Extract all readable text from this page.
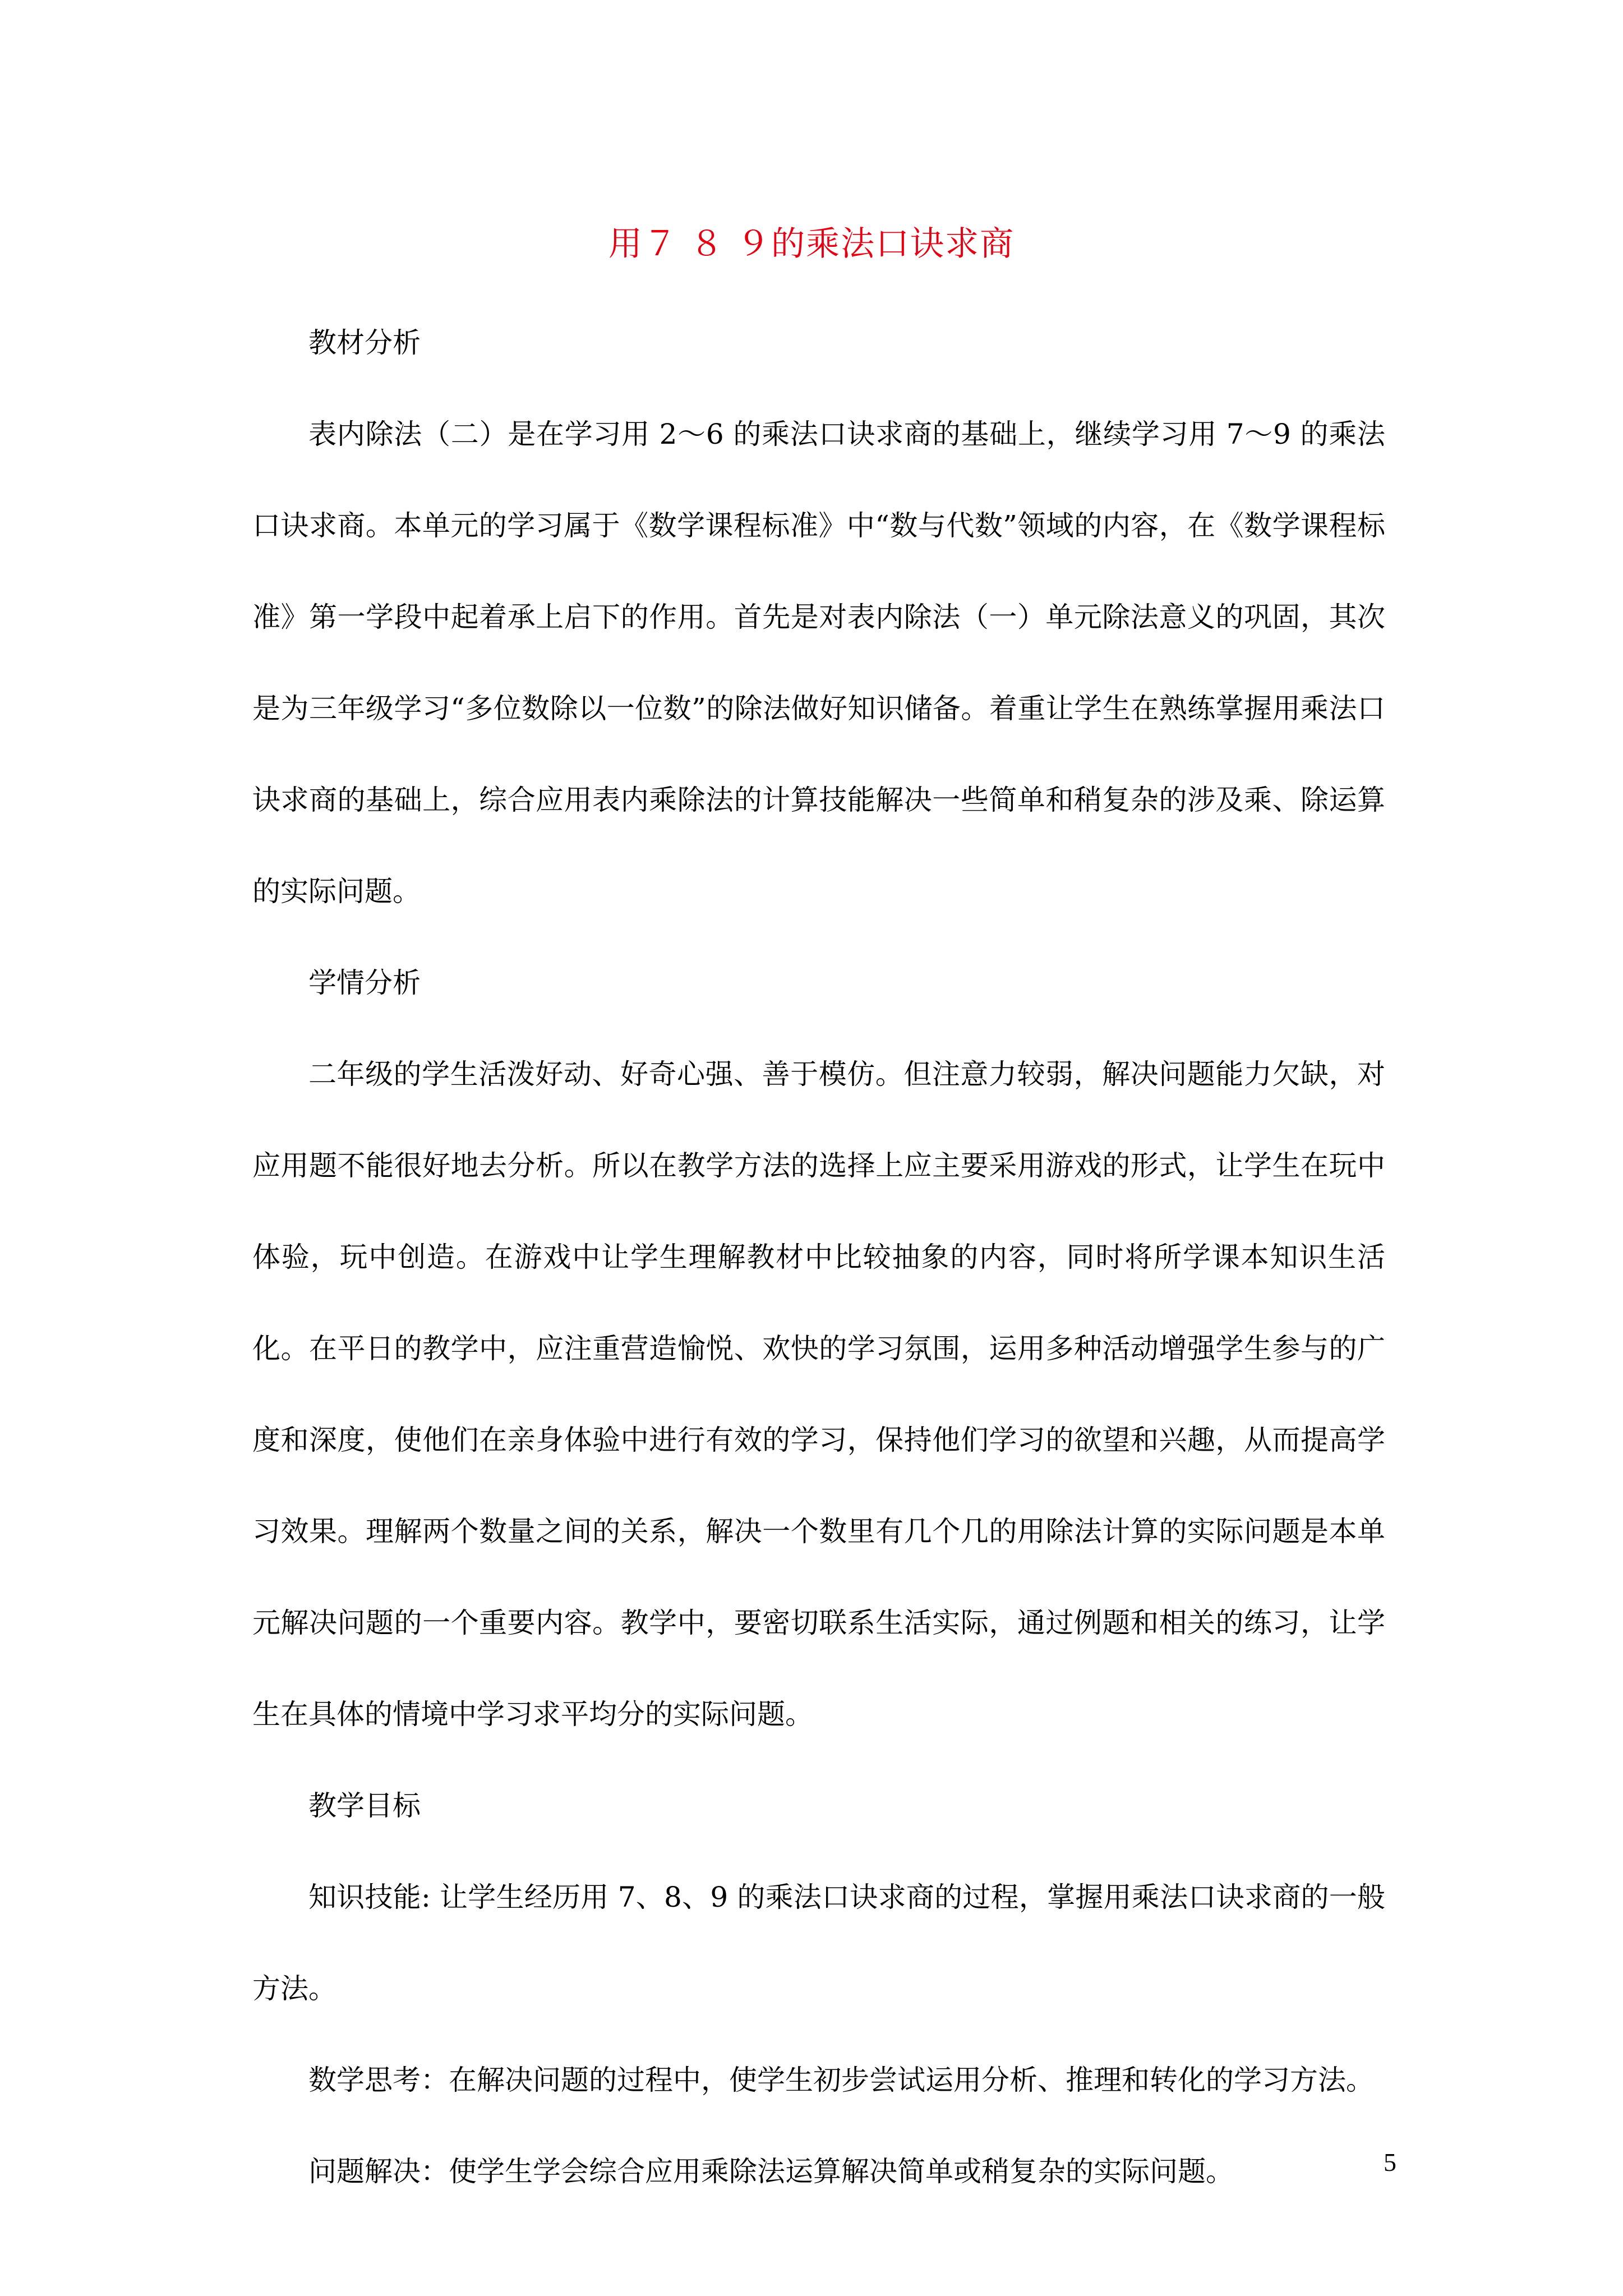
用７ ８ ９的乘法口诀求商

教材分析

表内除法（二）是在学习用 2～6 的乘法口诀求商的基础上，继续学习用 7～9 的乘法口诀求商。本单元的学习属于《数学课程标准》中“数与代数”领域的内容，在《数学课程标准》第一学段中起着承上启下的作用。首先是对表内除法（一）单元除法意义的巩固，其次是为三年级学习“多位数除以一位数”的除法做好知识储备。着重让学生在熟练掌握用乘法口诀求商的基础上，综合应用表内乘除法的计算技能解决一些简单和稍复杂的涉及乘、除运算的实际问题。

学情分析

二年级的学生活泼好动、好奇心强、善于模仿。但注意力较弱，解决问题能力欠缺，对应用题不能很好地去分析。所以在教学方法的选择上应主要采用游戏的形式，让学生在玩中体验，玩中创造。在游戏中让学生理解教材中比较抽象的内容，同时将所学课本知识生活化。在平日的教学中，应注重营造愉悦、欢快的学习氛围，运用多种活动增强学生参与的广度和深度，使他们在亲身体验中进行有效的学习，保持他们学习的欲望和兴趣，从而提高学习效果。理解两个数量之间的关系，解决一个数里有几个几的用除法计算的实际问题是本单元解决问题的一个重要内容。教学中，要密切联系生活实际，通过例题和相关的练习，让学生在具体的情境中学习求平均分的实际问题。

教学目标

知识技能: 让学生经历用 7、8、9 的乘法口诀求商的过程，掌握用乘法口诀求商的一般方法。

数学思考：在解决问题的过程中，使学生初步尝试运用分析、推理和转化的学习方法。

问题解决：使学生学会综合应用乘除法运算解决简单或稍复杂的实际问题。	5
